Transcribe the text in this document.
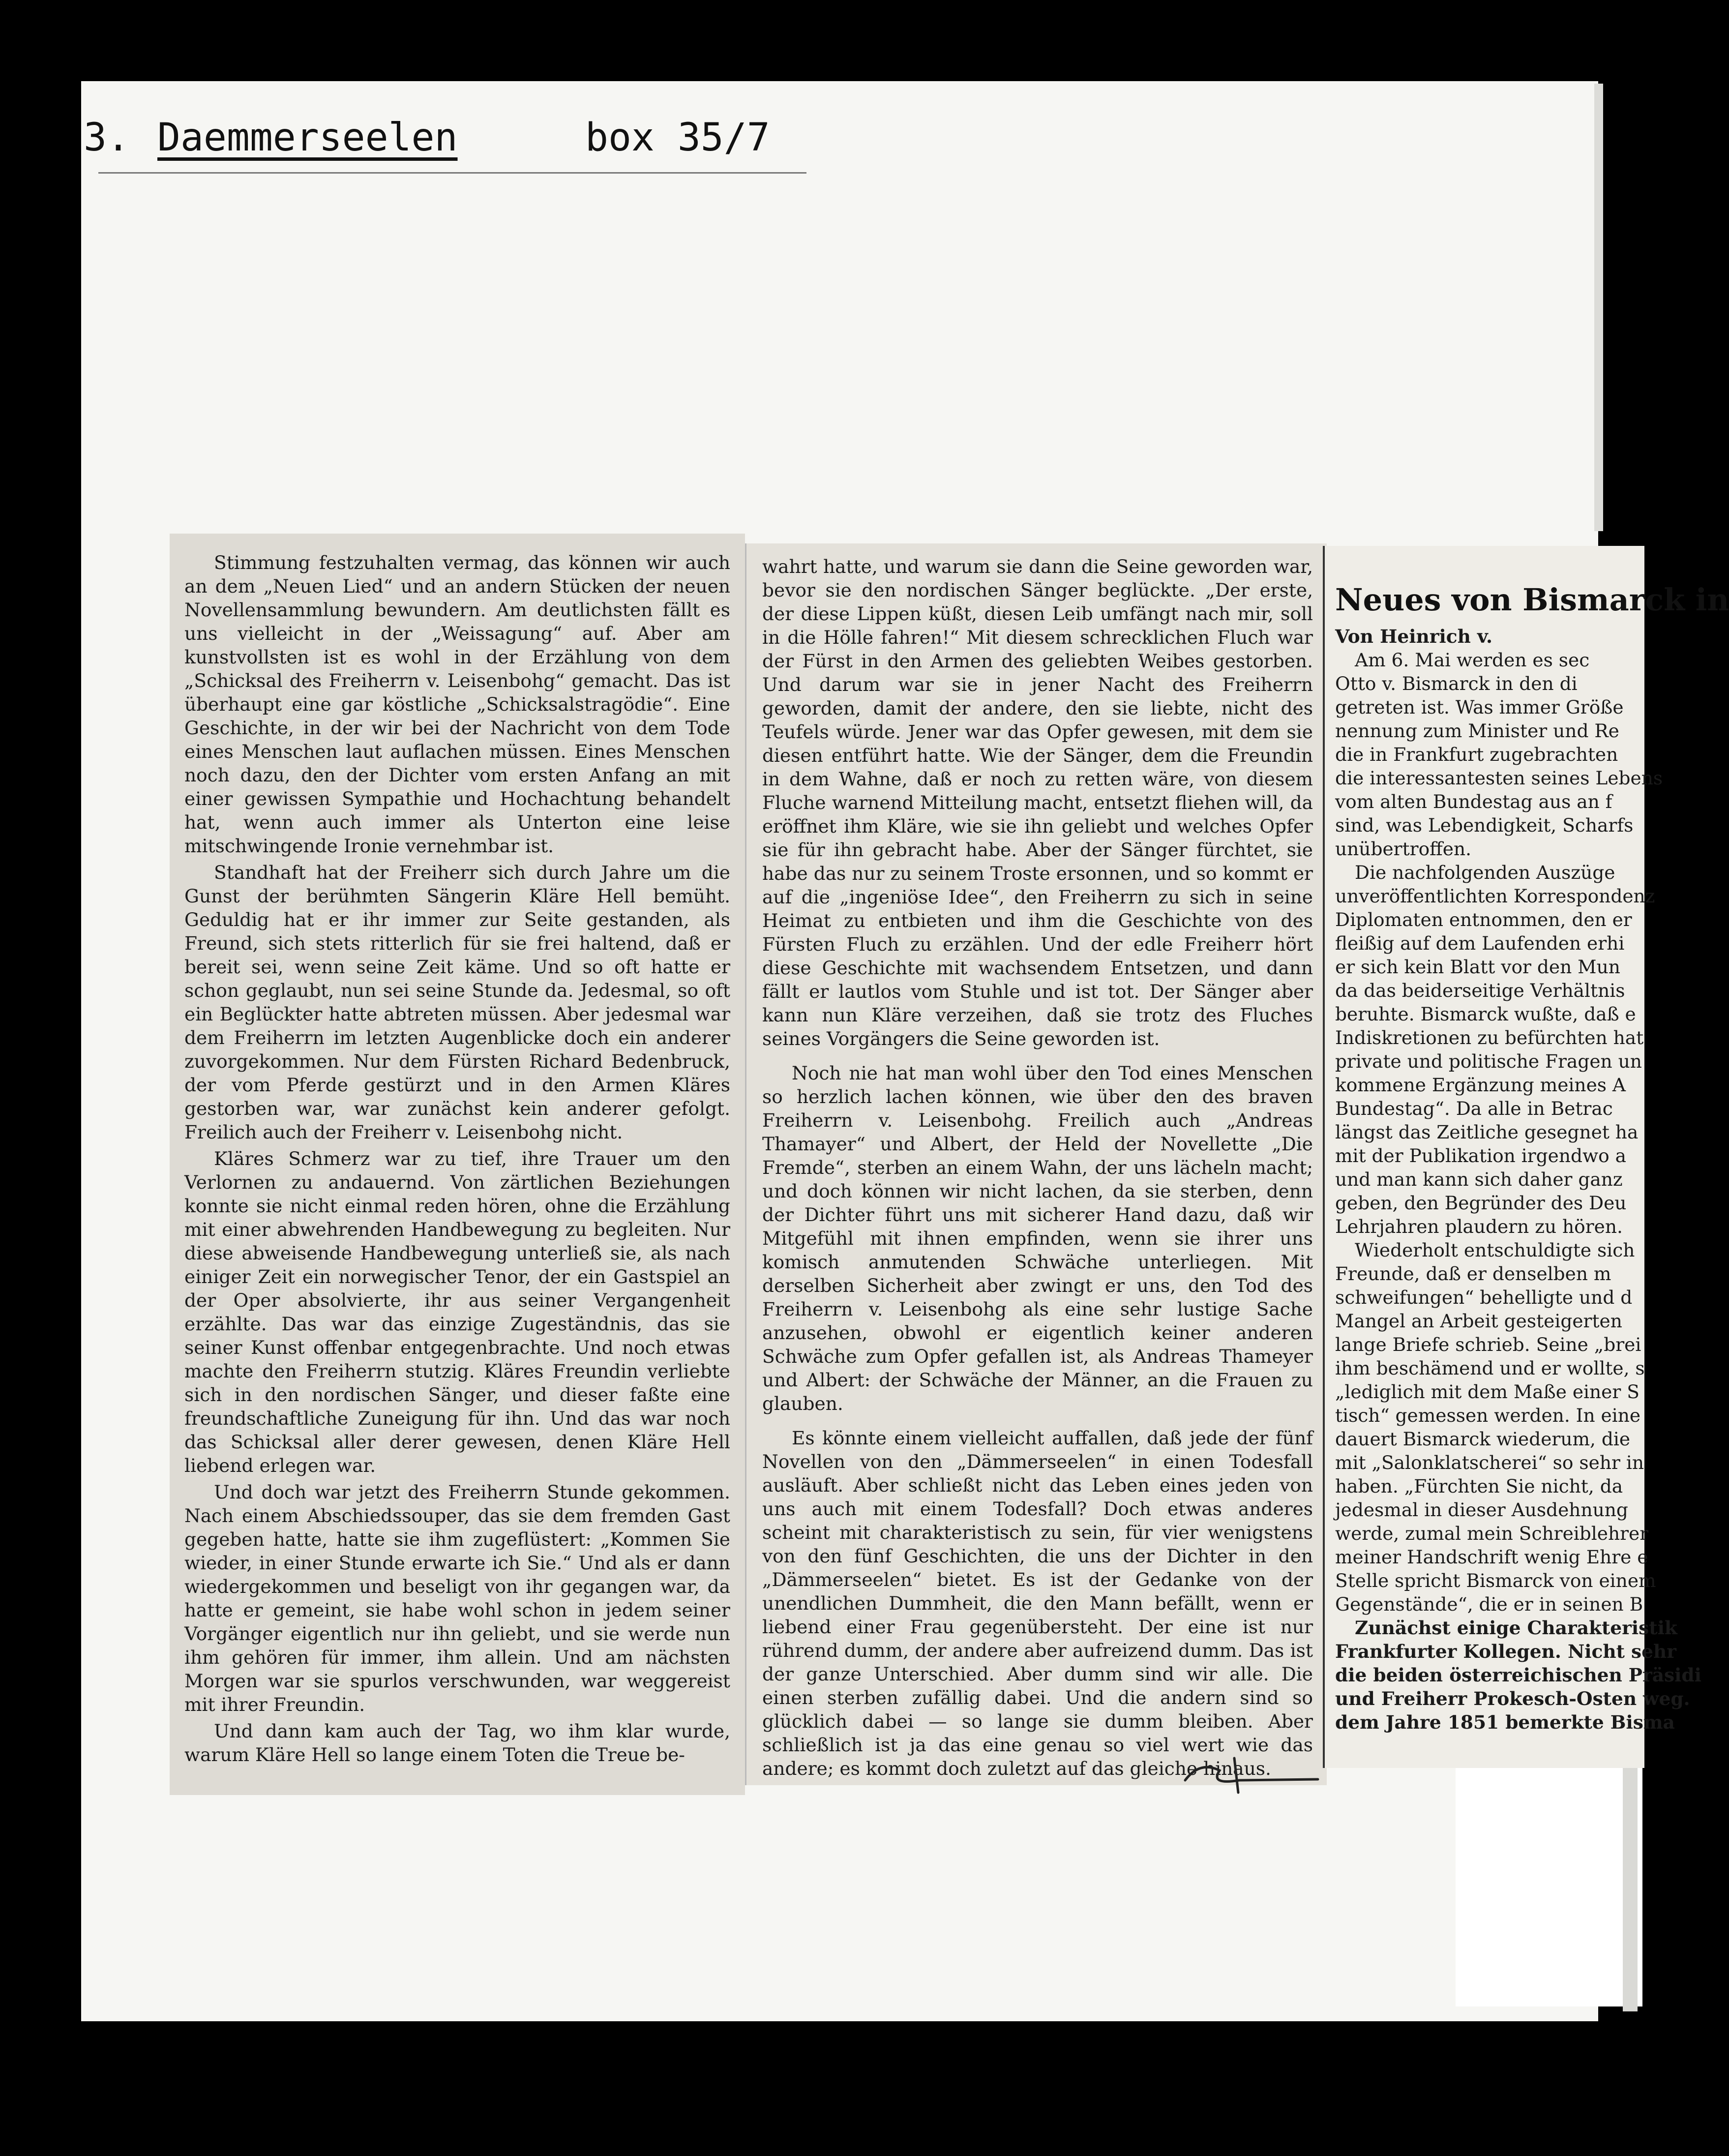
3. Daemmerseelen	box 35/7

Stimmung festzuhalten vermag, das können wir auch an dem „Neuen Lied“ und an andern Stücken der neuen Novellensammlung bewundern. Am deutlichsten fällt es uns vielleicht in der „Weissagung“ auf. Aber am kunstvollsten ist es wohl in der Erzählung von dem „Schicksal des Freiherrn v. Leisenbohg“ gemacht. Das ist überhaupt eine gar köstliche „Schicksalstragödie“. Eine Geschichte, in der wir bei der Nachricht von dem Tode eines Menschen laut auflachen müssen. Eines Menschen noch dazu, den der Dichter vom ersten Anfang an mit einer gewissen Sympathie und Hochachtung behandelt hat, wenn auch immer als Unterton eine leise mitschwingende Ironie vernehmbar ist.

Standhaft hat der Freiherr sich durch Jahre um die Gunst der berühmten Sängerin Kläre Hell bemüht. Geduldig hat er ihr immer zur Seite gestanden, als Freund, sich stets ritterlich für sie frei haltend, daß er bereit sei, wenn seine Zeit käme. Und so oft hatte er schon geglaubt, nun sei seine Stunde da. Jedesmal, so oft ein Beglückter hatte abtreten müssen. Aber jedesmal war dem Freiherrn im letzten Augenblicke doch ein anderer zuvorgekommen. Nur dem Fürsten Richard Bedenbruck, der vom Pferde gestürzt und in den Armen Kläres gestorben war, war zunächst kein anderer gefolgt. Freilich auch der Freiherr v. Leisenbohg nicht.

Kläres Schmerz war zu tief, ihre Trauer um den Verlornen zu andauernd. Von zärtlichen Beziehungen konnte sie nicht einmal reden hören, ohne die Erzählung mit einer abwehrenden Handbewegung zu begleiten. Nur diese abweisende Handbewegung unterließ sie, als nach einiger Zeit ein norwegischer Tenor, der ein Gastspiel an der Oper absolvierte, ihr aus seiner Vergangenheit erzählte. Das war das einzige Zugeständnis, das sie seiner Kunst offenbar entgegenbrachte. Und noch etwas machte den Freiherrn stutzig. Kläres Freundin verliebte sich in den nordischen Sänger, und dieser faßte eine freundschaftliche Zuneigung für ihn. Und das war noch das Schicksal aller derer gewesen, denen Kläre Hell liebend erlegen war.

Und doch war jetzt des Freiherrn Stunde gekommen. Nach einem Abschiedssouper, das sie dem fremden Gast gegeben hatte, hatte sie ihm zugeflüstert: „Kommen Sie wieder, in einer Stunde erwarte ich Sie.“ Und als er dann wiedergekommen und beseligt von ihr gegangen war, da hatte er gemeint, sie habe wohl schon in jedem seiner Vorgänger eigentlich nur ihn geliebt, und sie werde nun ihm gehören für immer, ihm allein. Und am nächsten Morgen war sie spurlos verschwunden, war weggereist mit ihrer Freundin.

Und dann kam auch der Tag, wo ihm klar wurde, warum Kläre Hell so lange einem Toten die Treue be-

wahrt hatte, und warum sie dann die Seine geworden war, bevor sie den nordischen Sänger beglückte. „Der erste, der diese Lippen küßt, diesen Leib umfängt nach mir, soll in die Hölle fahren!“ Mit diesem schrecklichen Fluch war der Fürst in den Armen des geliebten Weibes gestorben. Und darum war sie in jener Nacht des Freiherrn geworden, damit der andere, den sie liebte, nicht des Teufels würde. Jener war das Opfer gewesen, mit dem sie diesen entführt hatte. Wie der Sänger, dem die Freundin in dem Wahne, daß er noch zu retten wäre, von diesem Fluche warnend Mitteilung macht, entsetzt fliehen will, da eröffnet ihm Kläre, wie sie ihn geliebt und welches Opfer sie für ihn gebracht habe. Aber der Sänger fürchtet, sie habe das nur zu seinem Troste ersonnen, und so kommt er auf die „ingeniöse Idee“, den Freiherrn zu sich in seine Heimat zu entbieten und ihm die Geschichte von des Fürsten Fluch zu erzählen. Und der edle Freiherr hört diese Geschichte mit wachsendem Entsetzen, und dann fällt er lautlos vom Stuhle und ist tot. Der Sänger aber kann nun Kläre verzeihen, daß sie trotz des Fluches seines Vorgängers die Seine geworden ist.

Noch nie hat man wohl über den Tod eines Menschen so herzlich lachen können, wie über den des braven Freiherrn v. Leisenbohg. Freilich auch „Andreas Thamayer“ und Albert, der Held der Novellette „Die Fremde“, sterben an einem Wahn, der uns lächeln macht; und doch können wir nicht lachen, da sie sterben, denn der Dichter führt uns mit sicherer Hand dazu, daß wir Mitgefühl mit ihnen empfinden, wenn sie ihrer uns komisch anmutenden Schwäche unterliegen. Mit derselben Sicherheit aber zwingt er uns, den Tod des Freiherrn v. Leisenbohg als eine sehr lustige Sache anzusehen, obwohl er eigentlich keiner anderen Schwäche zum Opfer gefallen ist, als Andreas Thameyer und Albert: der Schwäche der Männer, an die Frauen zu glauben.

Es könnte einem vielleicht auffallen, daß jede der fünf Novellen von den „Dämmerseelen“ in einen Todesfall ausläuft. Aber schließt nicht das Leben eines jeden von uns auch mit einem Todesfall? Doch etwas anderes scheint mit charakteristisch zu sein, für vier wenigstens von den fünf Geschichten, die uns der Dichter in den „Dämmerseelen“ bietet. Es ist der Gedanke von der unendlichen Dummheit, die den Mann befällt, wenn er liebend einer Frau gegenübersteht. Der eine ist nur rührend dumm, der andere aber aufreizend dumm. Das ist der ganze Unterschied. Aber dumm sind wir alle. Die einen sterben zufällig dabei. Und die andern sind so glücklich dabei — so lange sie dumm bleiben. Aber schließlich ist ja das eine genau so viel wert wie das andere; es kommt doch zuletzt auf das gleiche hinaus.

Neues von Bismarck in

Von Heinrich v.

Am 6. Mai werden es sec
Otto v. Bismarck in den di
getreten ist. Was immer Größe
nennung zum Minister und Re
die in Frankfurt zugebrachten
die interessantesten seines Lebens
vom alten Bundestag aus an f
sind, was Lebendigkeit, Scharfs
unübertroffen.
Die nachfolgenden Auszüge
unveröffentlichten Korrespondenz
Diplomaten entnommen, den er
fleißig auf dem Laufenden erhi
er sich kein Blatt vor den Mun
da das beiderseitige Verhältnis
beruhte. Bismarck wußte, daß e
Indiskretionen zu befürchten hat
private und politische Fragen un
kommene Ergänzung meines A
Bundestag“. Da alle in Betrac
längst das Zeitliche gesegnet ha
mit der Publikation irgendwo a
und man kann sich daher ganz
geben, den Begründer des Deu
Lehrjahren plaudern zu hören.
Wiederholt entschuldigte sich
Freunde, daß er denselben m
schweifungen“ behelligte und d
Mangel an Arbeit gesteigerten
lange Briefe schrieb. Seine „brei
ihm beschämend und er wollte, s
„lediglich mit dem Maße einer S
tisch“ gemessen werden. In eine
dauert Bismarck wiederum, die
mit „Salonklatscherei“ so sehr in
haben. „Fürchten Sie nicht, da
jedesmal in dieser Ausdehnung
werde, zumal mein Schreiblehrer
meiner Handschrift wenig Ehre e
Stelle spricht Bismarck von einem
Gegenstände“, die er in seinen B
Zunächst einige Charakteristik
Frankfurter Kollegen. Nicht sehr
die beiden österreichischen Präsidi
und Freiherr Prokesch-Osten weg.
dem Jahre 1851 bemerkte Bisma
